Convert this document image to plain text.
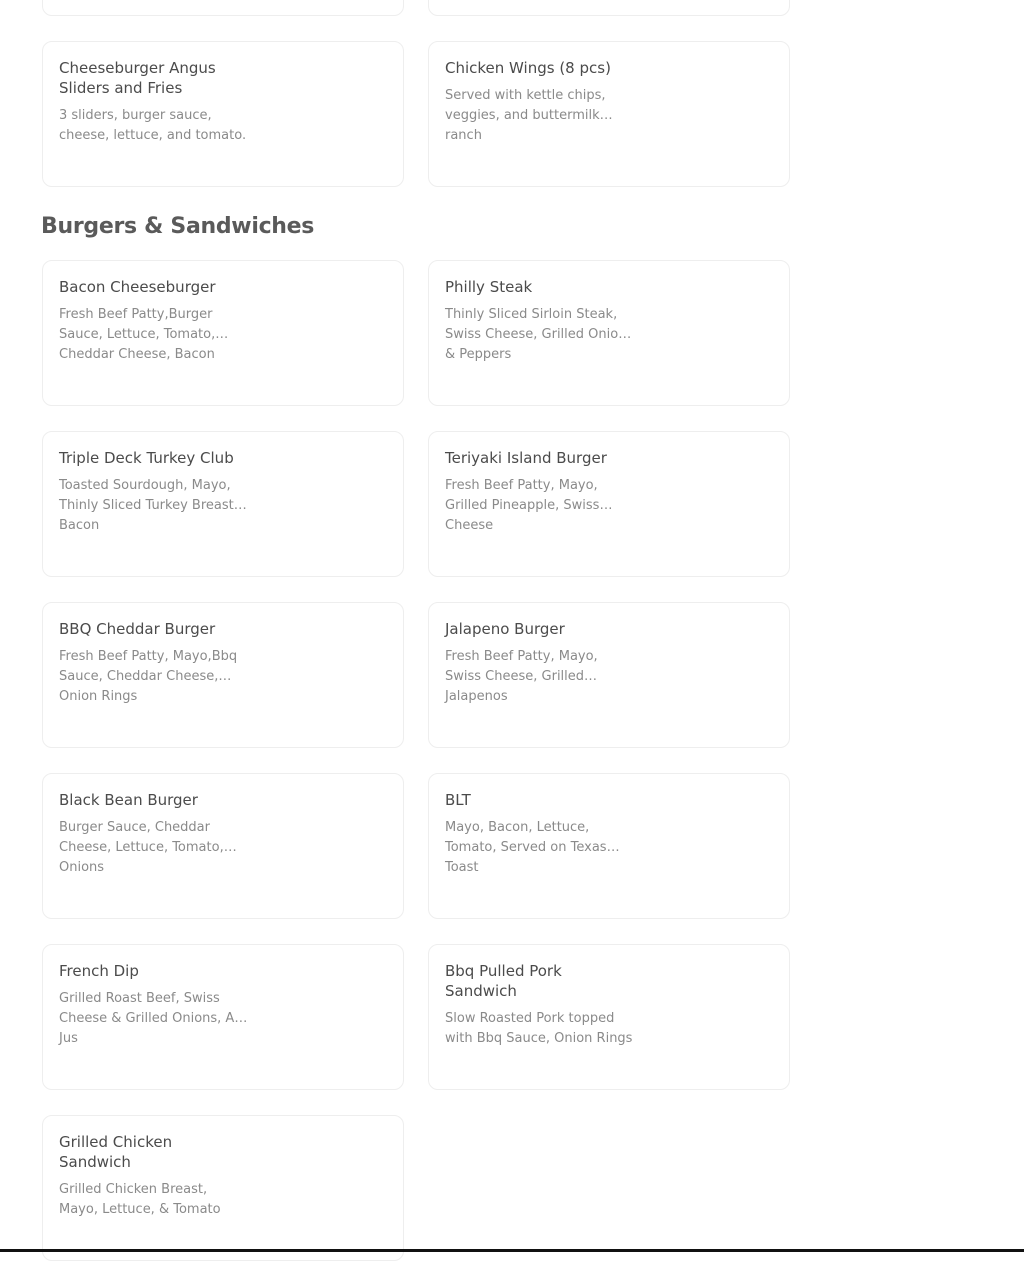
Cheeseburger Angus Sliders and Fries
3 sliders, burger sauce, cheese, lettuce, and tomato.
Chicken Wings (8 pcs)
Served with kettle chips, veggies, and buttermilk ranch
Burgers & Sandwiches
Bacon Cheeseburger
Fresh Beef Patty,Burger Sauce, Lettuce, Tomato, Cheddar Cheese, Bacon
Philly Steak
Thinly Sliced Sirloin Steak, Swiss Cheese, Grilled Onions & Peppers
Triple Deck Turkey Club
Toasted Sourdough, Mayo, Thinly Sliced Turkey Breast, Bacon
Teriyaki Island Burger
Fresh Beef Patty, Mayo, Grilled Pineapple, Swiss Cheese
BBQ Cheddar Burger
Fresh Beef Patty, Mayo,Bbq Sauce, Cheddar Cheese, Onion Rings
Jalapeno Burger
Fresh Beef Patty, Mayo, Swiss Cheese, Grilled Jalapenos
Black Bean Burger
Burger Sauce, Cheddar Cheese, Lettuce, Tomato, Onions
BLT
Mayo, Bacon, Lettuce, Tomato, Served on Texas Toast
French Dip
Grilled Roast Beef, Swiss Cheese & Grilled Onions, Au Jus
Bbq Pulled Pork Sandwich
Slow Roasted Pork topped with Bbq Sauce, Onion Rings
Grilled Chicken Sandwich
Grilled Chicken Breast, Mayo, Lettuce, & Tomato
